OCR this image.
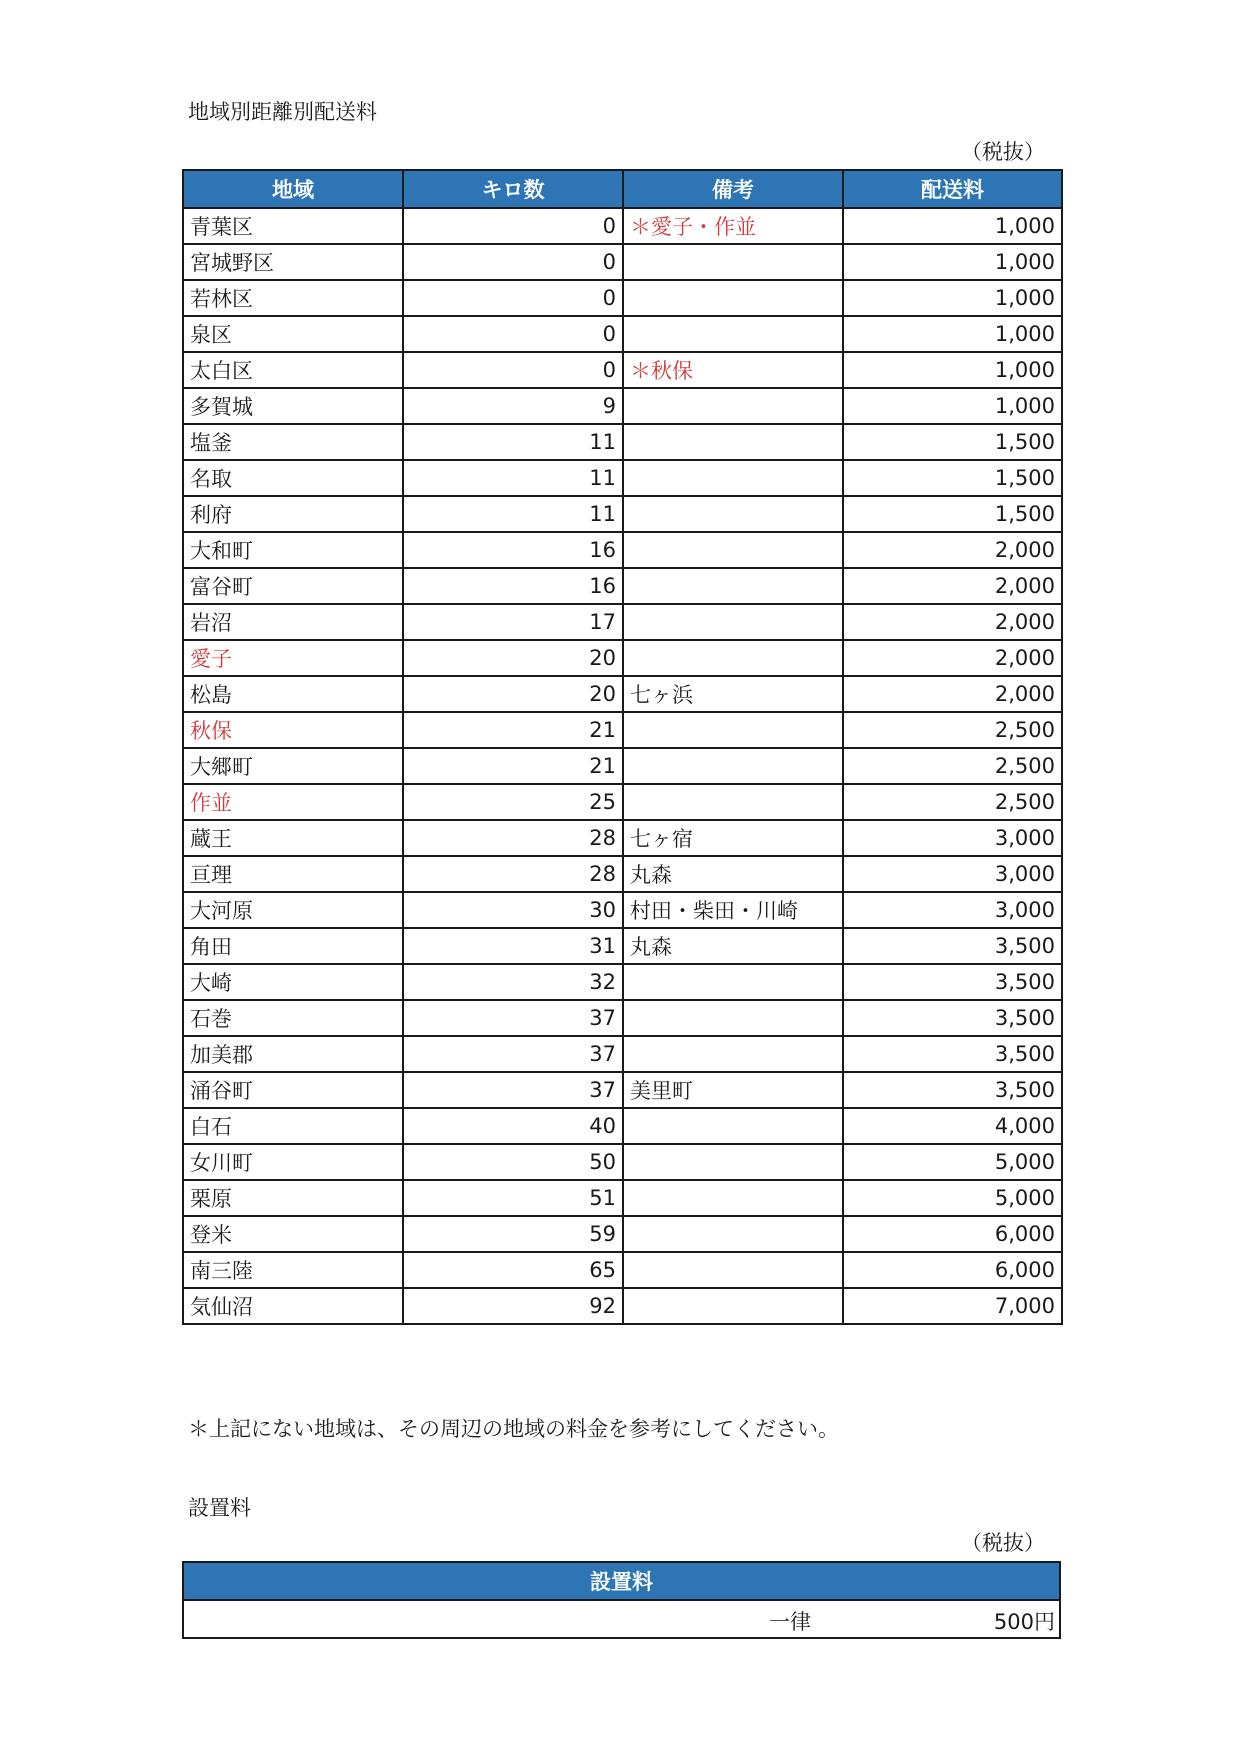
地域別距離別配送料
（税抜）
地域	キロ数	備考	配送料
青葉区	0	＊愛子・作並	1,000
宮城野区	0		1,000
若林区	0		1,000
泉区	0		1,000
太白区	0	＊秋保	1,000
多賀城	9		1,000
塩釜	11		1,500
名取	11		1,500
利府	11		1,500
大和町	16		2,000
富谷町	16		2,000
岩沼	17		2,000
愛子	20		2,000
松島	20	七ヶ浜	2,000
秋保	21		2,500
大郷町	21		2,500
作並	25		2,500
蔵王	28	七ヶ宿	3,000
亘理	28	丸森	3,000
大河原	30	村田・柴田・川崎	3,000
角田	31	丸森	3,500
大崎	32		3,500
石巻	37		3,500
加美郡	37		3,500
涌谷町	37	美里町	3,500
白石	40		4,000
女川町	50		5,000
栗原	51		5,000
登米	59		6,000
南三陸	65		6,000
気仙沼	92		7,000
＊上記にない地域は、その周辺の地域の料金を参考にしてください。
設置料
（税抜）
設置料

一律	500円
